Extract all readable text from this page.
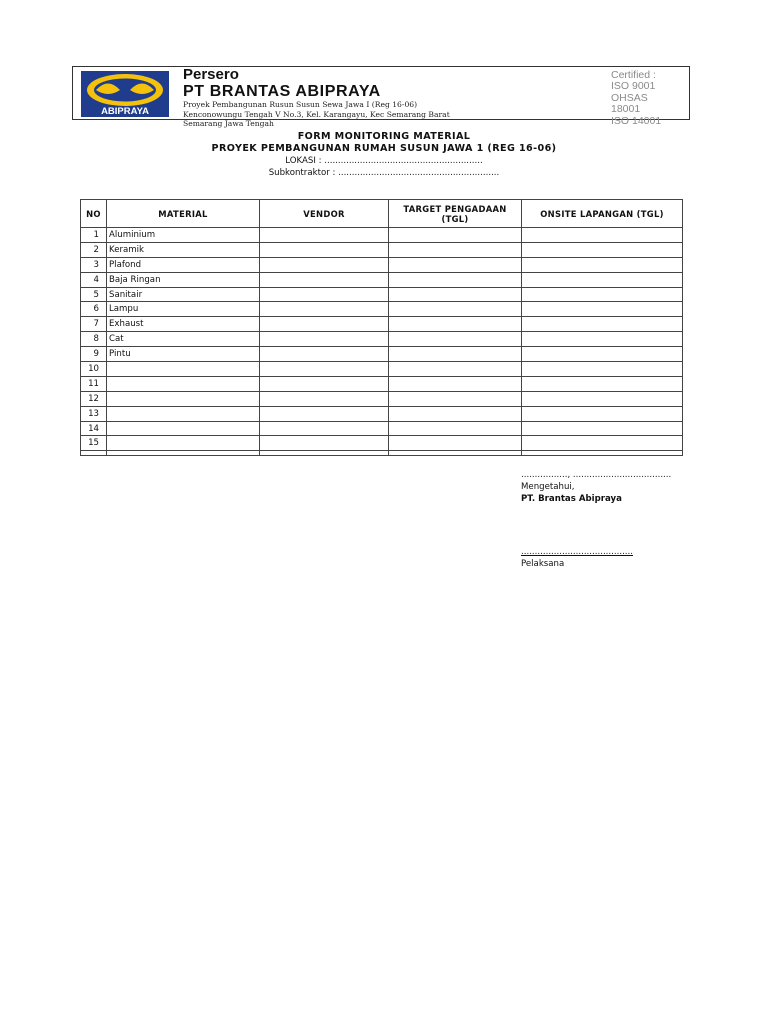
ABIPRAYA
Persero
PT BRANTAS ABIPRAYA
Proyek Pembangunan Rusun Susun Sewa Jawa I (Reg 16-06)
Kenconowungu Tengah V No.3, Kel. Karangayu, Kec Semarang Barat
Semarang Jawa Tengah
Certified :
ISO 9001
OHSAS
18001
ISO 14001
FORM MONITORING MATERIAL
PROYEK PEMBANGUNAN RUMAH SUSUN JAWA 1 (REG 16-06)
LOKASI : ..........................................................
Subkontraktor : ...........................................................
NO	MATERIAL	VENDOR	TARGET PENGADAAN (TGL)	ONSITE LAPANGAN (TGL)
1	Aluminium			
2	Keramik			
3	Plafond			
4	Baja Ringan			
5	Sanitair			
6	Lampu			
7	Exhaust			
8	Cat			
9	Pintu			
10				
11				
12				
13				
14				
15				

................., ....................................
Mengetahui,
PT. Brantas Abipraya
.........................................
Pelaksana
